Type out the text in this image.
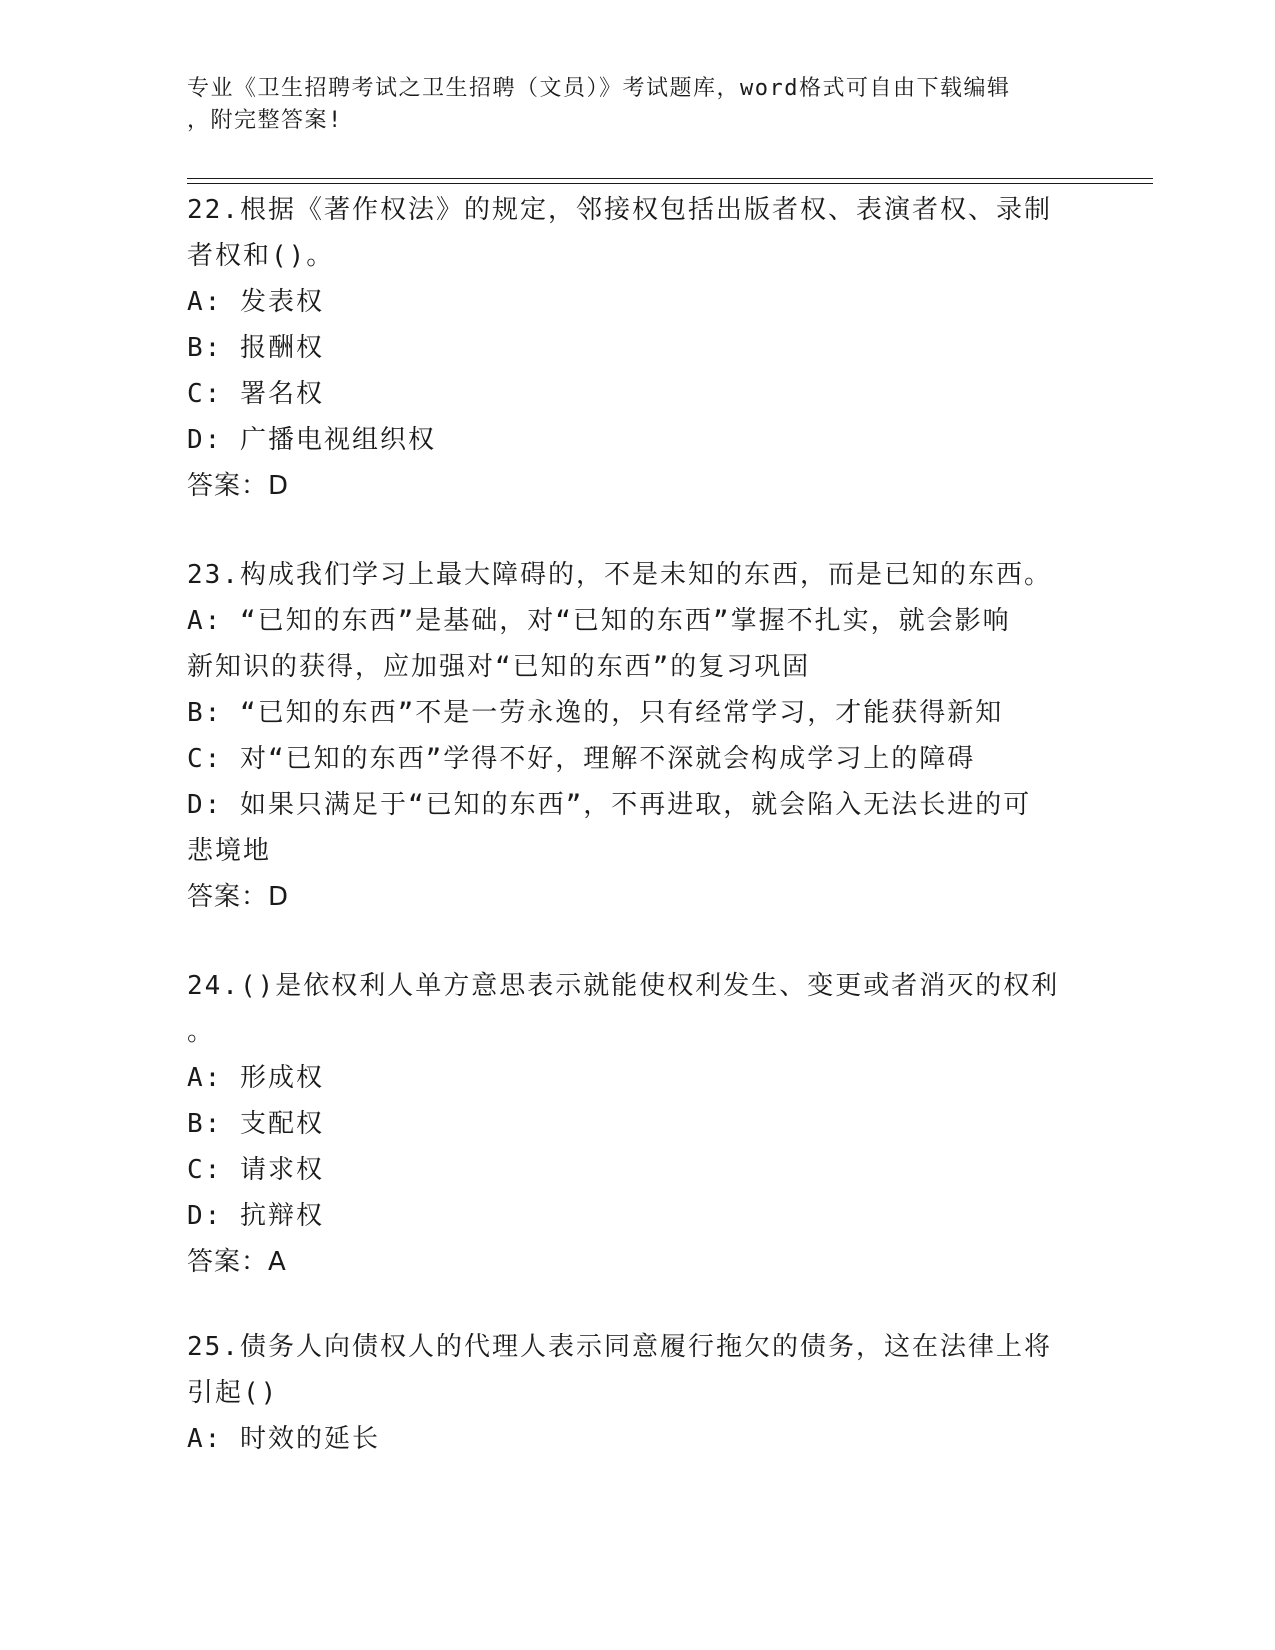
专业《卫生招聘考试之卫生招聘（文员）》考试题库，word格式可自由下载编辑
，附完整答案!
22.根据《著作权法》的规定，邻接权包括出版者权、表演者权、录制
者权和()。
A: 发表权
B: 报酬权
C: 署名权
D: 广播电视组织权
答案：D
23.构成我们学习上最大障碍的，不是未知的东西，而是已知的东西。
A: “已知的东西”是基础，对“已知的东西”掌握不扎实，就会影响
新知识的获得，应加强对“已知的东西”的复习巩固
B: “已知的东西”不是一劳永逸的，只有经常学习，才能获得新知
C: 对“已知的东西”学得不好，理解不深就会构成学习上的障碍
D: 如果只满足于“已知的东西”，不再进取，就会陷入无法长进的可
悲境地
答案：D
24.()是依权利人单方意思表示就能使权利发生、变更或者消灭的权利
。
A: 形成权
B: 支配权
C: 请求权
D: 抗辩权
答案：A
25.债务人向债权人的代理人表示同意履行拖欠的债务，这在法律上将
引起()
A: 时效的延长
